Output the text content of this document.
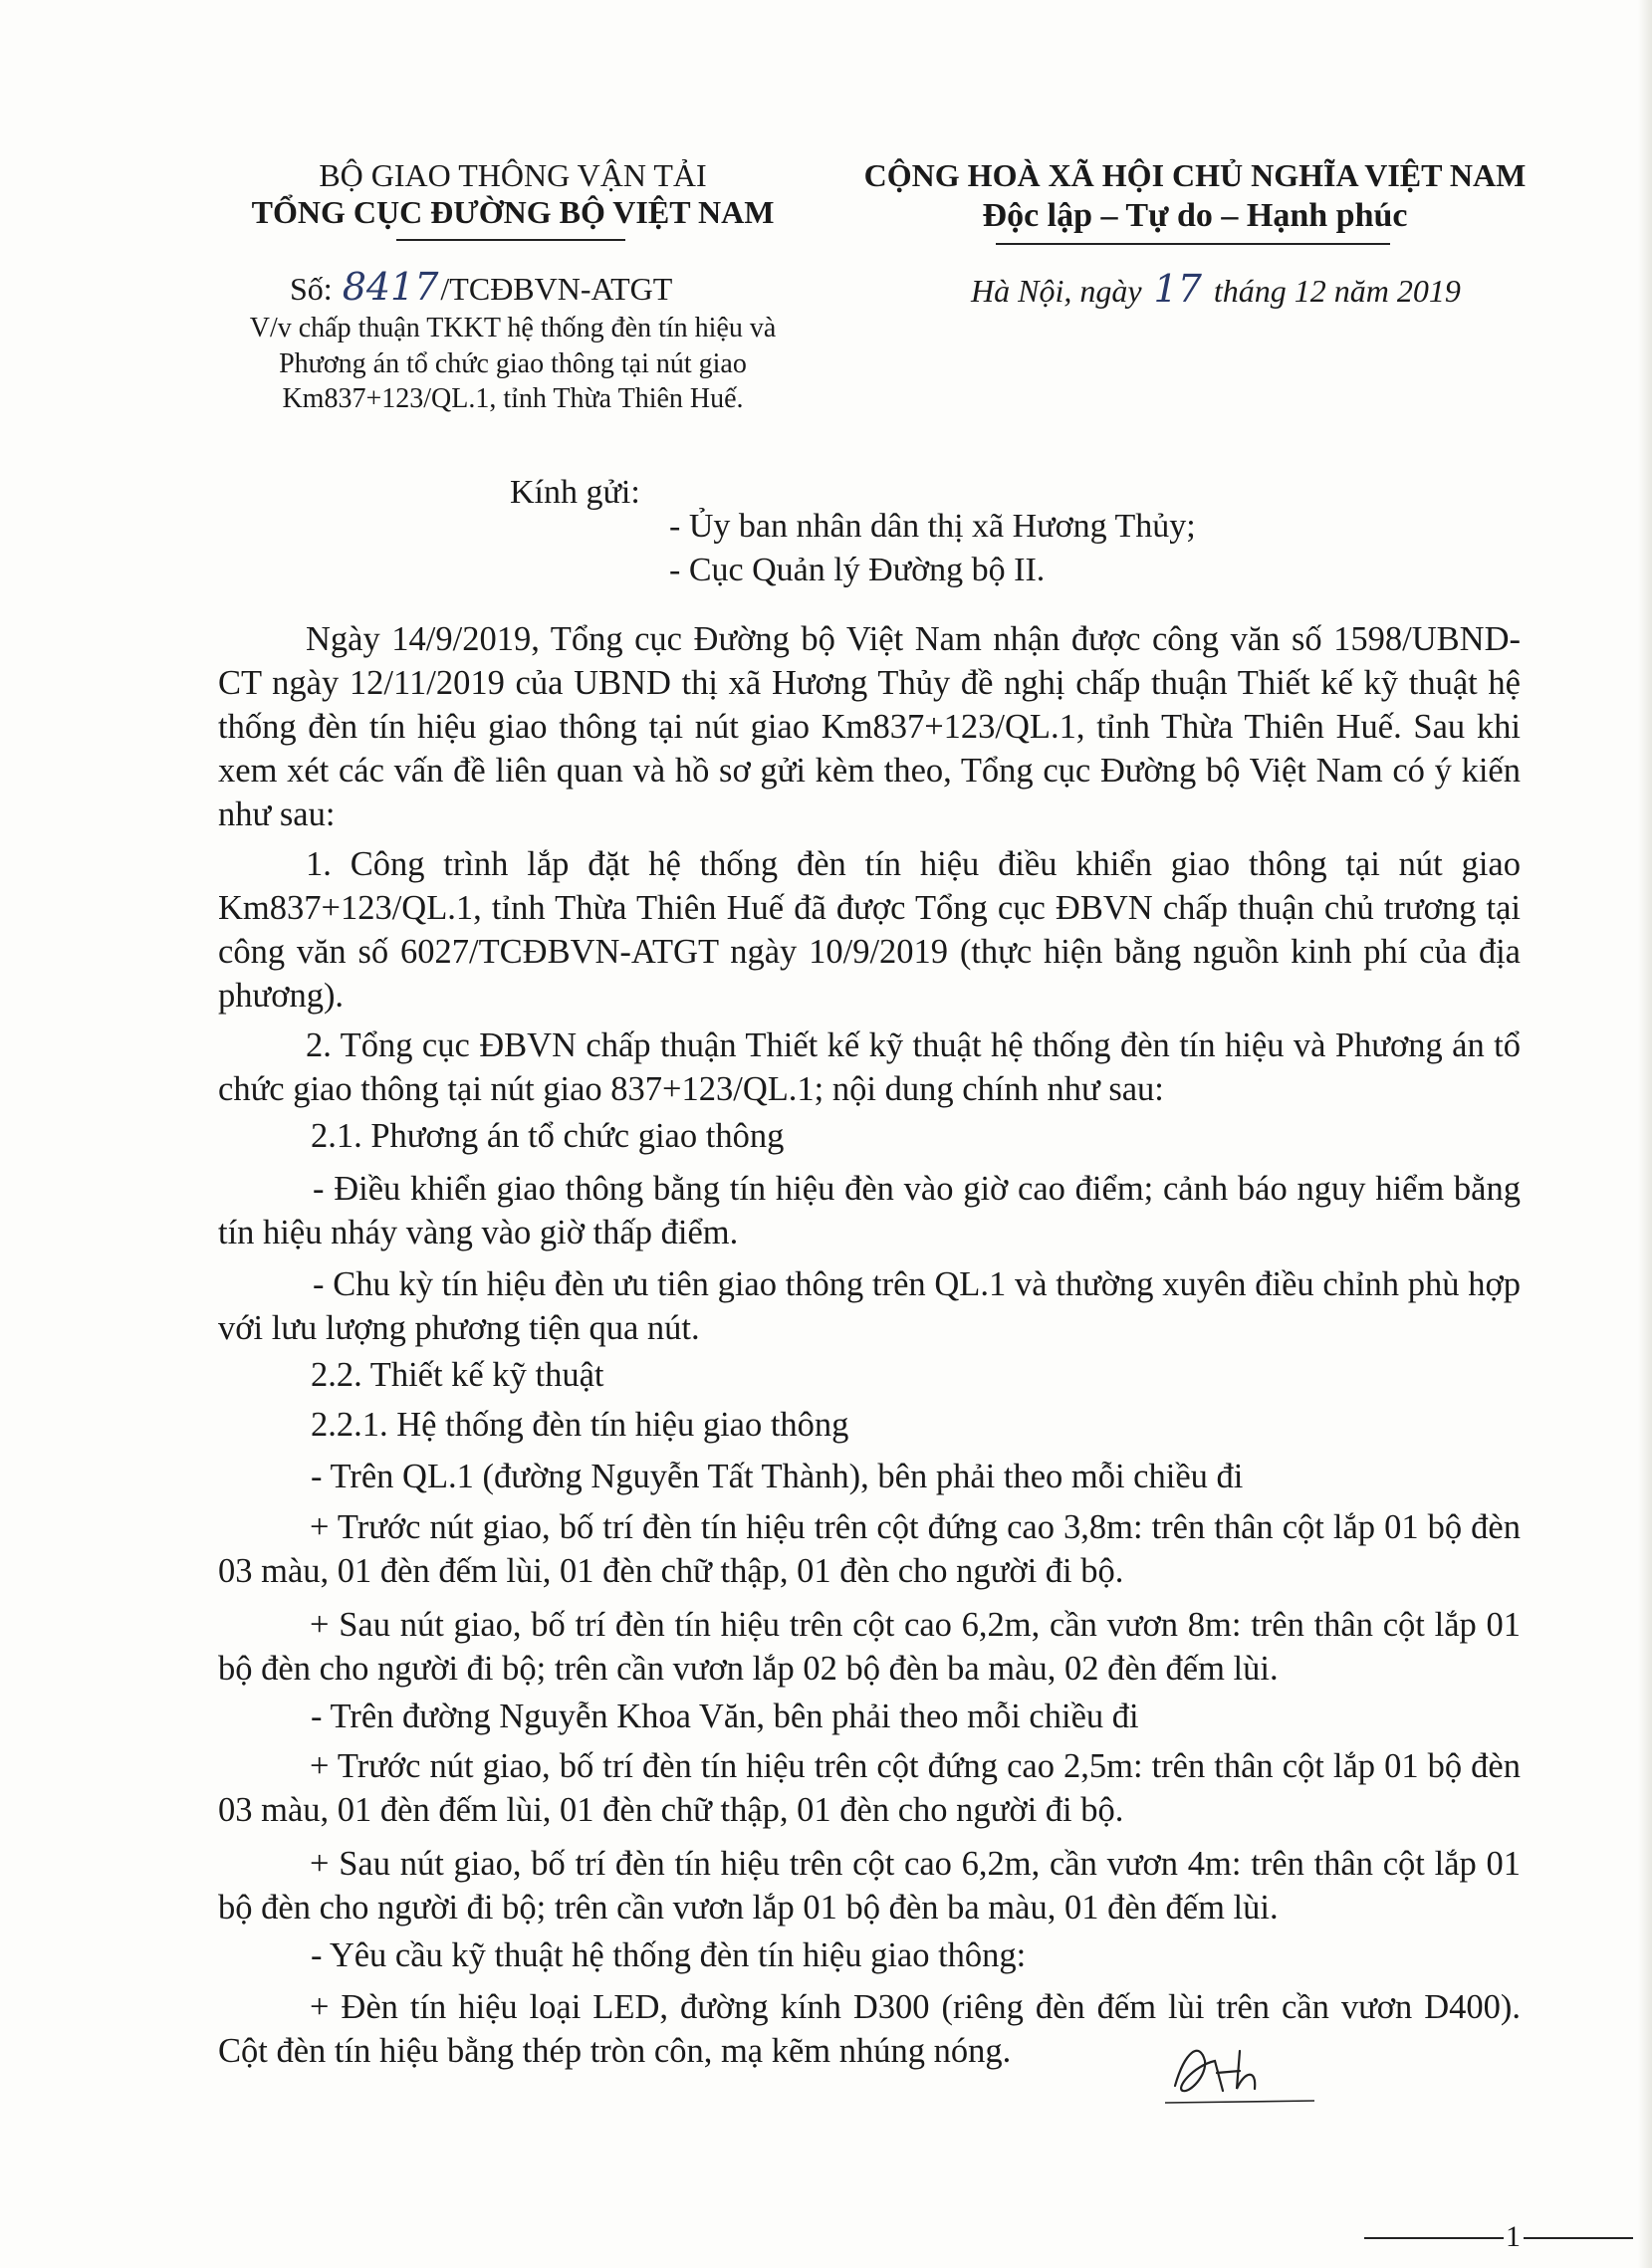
BỘ GIAO THÔNG VẬN TẢI
TỔNG CỤC ĐƯỜNG BỘ VIỆT NAM
Số: 8417/TCĐBVN-ATGT
V/v chấp thuận TKKT hệ thống đèn tín hiệu và
Phương án tổ chức giao thông tại nút giao
Km837+123/QL.1, tỉnh Thừa Thiên Huế.
CỘNG HOÀ XÃ HỘI CHỦ NGHĨA VIỆT NAM
Độc lập – Tự do – Hạnh phúc
Hà Nội, ngày 17 tháng 12 năm 2019
Kính gửi:
- Ủy ban nhân dân thị xã Hương Thủy;
- Cục Quản lý Đường bộ II.
Ngày 14/9/2019, Tổng cục Đường bộ Việt Nam nhận được công văn số 1598/UBND-CT ngày 12/11/2019 của UBND thị xã Hương Thủy đề nghị chấp thuận Thiết kế kỹ thuật hệ thống đèn tín hiệu giao thông tại nút giao Km837+123/QL.1, tỉnh Thừa Thiên Huế. Sau khi xem xét các vấn đề liên quan và hồ sơ gửi kèm theo, Tổng cục Đường bộ Việt Nam có ý kiến như sau:
1. Công trình lắp đặt hệ thống đèn tín hiệu điều khiển giao thông tại nút giao Km837+123/QL.1, tỉnh Thừa Thiên Huế đã được Tổng cục ĐBVN chấp thuận chủ trương tại công văn số 6027/TCĐBVN-ATGT ngày 10/9/2019 (thực hiện bằng nguồn kinh phí của địa phương).
2. Tổng cục ĐBVN chấp thuận Thiết kế kỹ thuật hệ thống đèn tín hiệu và Phương án tổ chức giao thông tại nút giao 837+123/QL.1; nội dung chính như sau:
2.1. Phương án tổ chức giao thông
- Điều khiển giao thông bằng tín hiệu đèn vào giờ cao điểm; cảnh báo nguy hiểm bằng tín hiệu nháy vàng vào giờ thấp điểm.
- Chu kỳ tín hiệu đèn ưu tiên giao thông trên QL.1 và thường xuyên điều chỉnh phù hợp với lưu lượng phương tiện qua nút.
2.2. Thiết kế kỹ thuật
2.2.1. Hệ thống đèn tín hiệu giao thông
- Trên QL.1 (đường Nguyễn Tất Thành), bên phải theo mỗi chiều đi
+ Trước nút giao, bố trí đèn tín hiệu trên cột đứng cao 3,8m: trên thân cột lắp 01 bộ đèn 03 màu, 01 đèn đếm lùi, 01 đèn chữ thập, 01 đèn cho người đi bộ.
+ Sau nút giao, bố trí đèn tín hiệu trên cột cao 6,2m, cần vươn 8m: trên thân cột lắp 01 bộ đèn cho người đi bộ; trên cần vươn lắp 02 bộ đèn ba màu, 02 đèn đếm lùi.
- Trên đường Nguyễn Khoa Văn, bên phải theo mỗi chiều đi
+ Trước nút giao, bố trí đèn tín hiệu trên cột đứng cao 2,5m: trên thân cột lắp 01 bộ đèn 03 màu, 01 đèn đếm lùi, 01 đèn chữ thập, 01 đèn cho người đi bộ.
+ Sau nút giao, bố trí đèn tín hiệu trên cột cao 6,2m, cần vươn 4m: trên thân cột lắp 01 bộ đèn cho người đi bộ; trên cần vươn lắp 01 bộ đèn ba màu, 01 đèn đếm lùi.
- Yêu cầu kỹ thuật hệ thống đèn tín hiệu giao thông:
+ Đèn tín hiệu loại LED, đường kính D300 (riêng đèn đếm lùi trên cần vươn D400). Cột đèn tín hiệu bằng thép tròn côn, mạ kẽm nhúng nóng.
1
